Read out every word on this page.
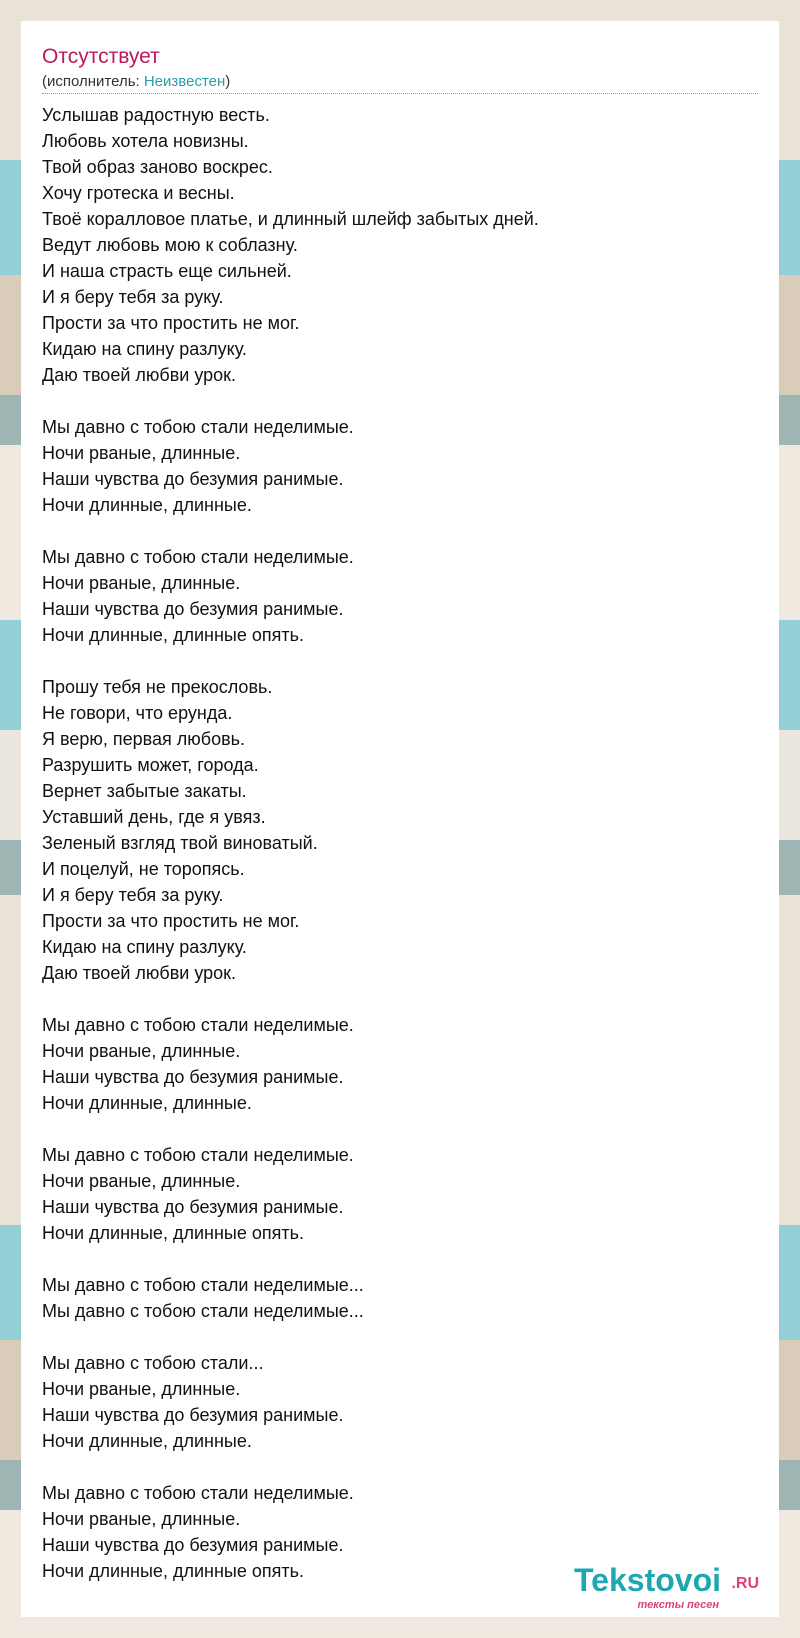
Отсутствует
(исполнитель: Неизвестен)
Услышав радостную весть.
Любовь хотела новизны.
Твой образ заново воскрес.
Хочу гротеска и весны.
Твоё коралловое платье, и длинный шлейф забытых дней.
Ведут любовь мою к соблазну.
И наша страсть еще сильней.
И я беру тебя за руку.
Прости за что простить не мог.
Кидаю на спину разлуку.
Даю твоей любви урок.
Мы давно с тобою стали неделимые.
Ночи рваные, длинные.
Наши чувства до безумия ранимые.
Ночи длинные, длинные.
Мы давно с тобою стали неделимые.
Ночи рваные, длинные.
Наши чувства до безумия ранимые.
Ночи длинные, длинные опять.
Прошу тебя не прекословь.
Не говори, что ерунда.
Я верю, первая любовь.
Разрушить может, города.
Вернет забытые закаты.
Уставший день, где я увяз.
Зеленый взгляд твой виноватый.
И поцелуй, не торопясь.
И я беру тебя за руку.
Прости за что простить не мог.
Кидаю на спину разлуку.
Даю твоей любви урок.
Мы давно с тобою стали неделимые.
Ночи рваные, длинные.
Наши чувства до безумия ранимые.
Ночи длинные, длинные.
Мы давно с тобою стали неделимые.
Ночи рваные, длинные.
Наши чувства до безумия ранимые.
Ночи длинные, длинные опять.
Мы давно с тобою стали неделимые...
Мы давно с тобою стали неделимые...
Мы давно с тобою стали...
Ночи рваные, длинные.
Наши чувства до безумия ранимые.
Ночи длинные, длинные.
Мы давно с тобою стали неделимые.
Ночи рваные, длинные.
Наши чувства до безумия ранимые.
Ночи длинные, длинные опять.	Tekstovoi .RU
тексты песен
